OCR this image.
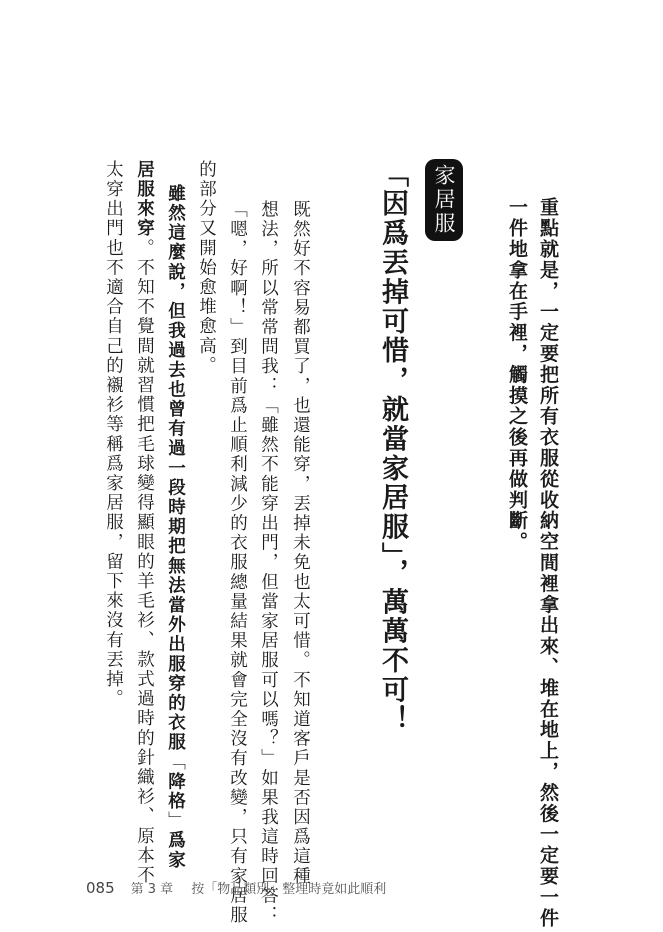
重點就是，一定要把所有衣服從收納空間裡拿出來、堆在地上，然後一定要一件
一件地拿在手裡，觸摸之後再做判斷。
家居服
「因爲丟掉可惜，就當家居服」，萬萬不可！
既然好不容易都買了，也還能穿，丟掉未免也太可惜。不知道客戶是否因爲這種
想法，所以常常問我：「雖然不能穿出門，但當家居服可以嗎？」如果我這時回答：
「嗯，好啊！」到目前爲止順利減少的衣服總量結果就會完全沒有改變，只有家居服
的部分又開始愈堆愈高。
雖然這麼說，但我過去也曾有過一段時期把無法當外出服穿的衣服「降格」爲家
居服來穿。不知不覺間就習慣把毛球變得顯眼的羊毛衫、款式過時的針織衫、原本不
太穿出門也不適合自己的襯衫等稱爲家居服，留下來沒有丟掉。
085 第 3 章 按「物品類別」整理時竟如此順利
